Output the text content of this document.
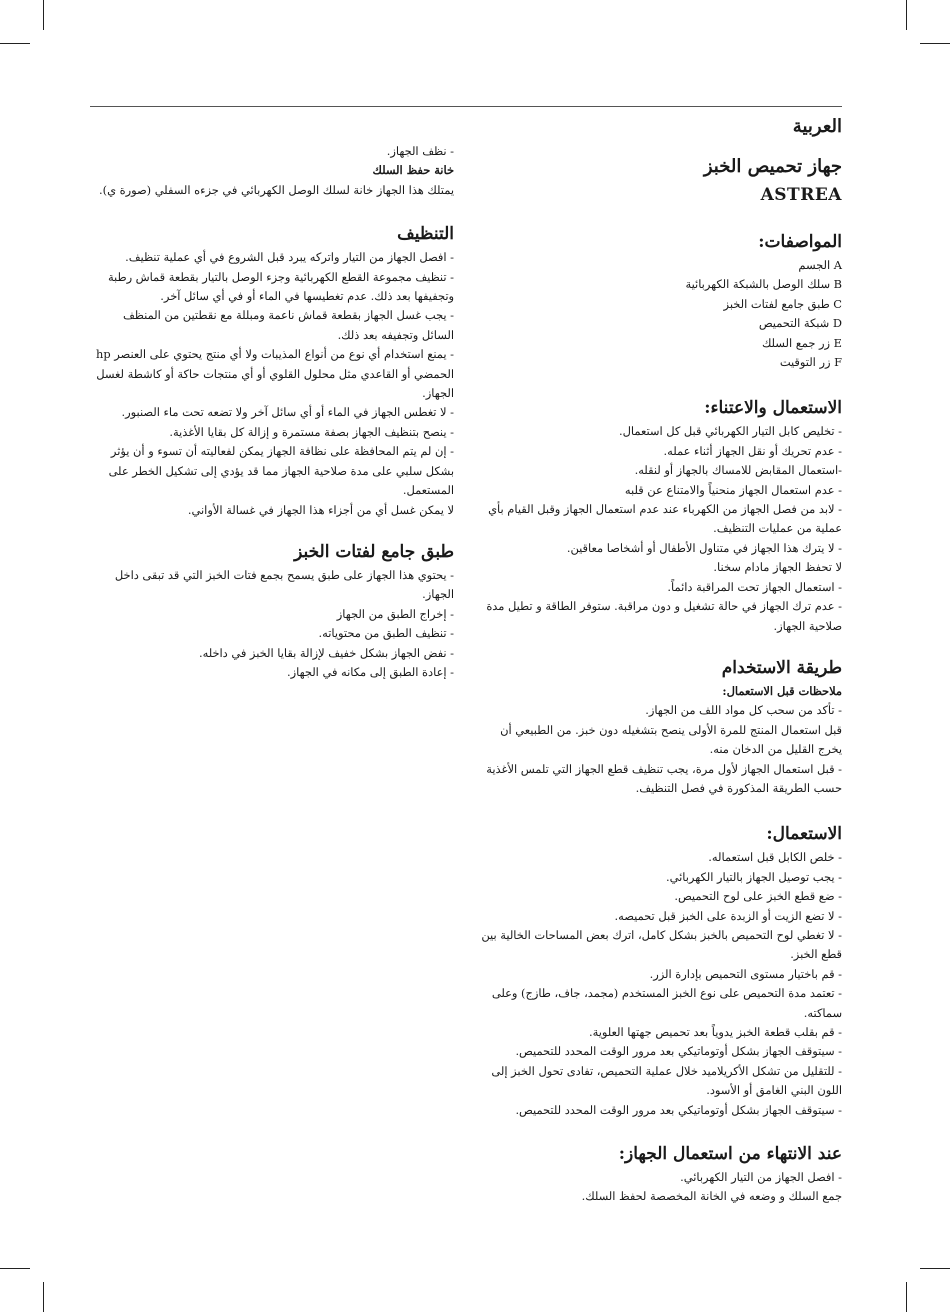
العربية
جهاز تحميص الخبز
ASTREA
المواصفات:
A الجسم
B سلك الوصل بالشبكة الكهربائية
C طبق جامع لفتات الخبز
D شبكة التحميص
E زر جمع السلك
F زر التوقيت
الاستعمال والاعتناء:
- تخليص كابل التيار الكهربائي قبل كل استعمال.
- عدم تحريك أو نقل الجهاز أثناء عمله.
-استعمال المقابض للامساك بالجهاز أو لنقله.
- عدم استعمال الجهاز منحنياً والامتناع عن قلبه
- لابد من فصل الجهاز من الكهرباء عند عدم استعمال الجهاز وقبل القيام بأي عملية من عمليات التنظيف.
- لا يترك هذا الجهاز في متناول الأطفال أو أشخاصا معاقين.
لا تحفظ الجهاز مادام سخنا.
- استعمال الجهاز تحت المراقبة دائماً.
- عدم ترك الجهاز في حالة تشغيل و دون مراقبة. ستوفر الطاقة و تطيل مدة صلاحية الجهاز.
طريقة الاستخدام

ملاحظات قبل الاستعمال:

- تأكد من سحب كل مواد اللف من الجهاز.
قبل استعمال المنتج للمرة الأولى ينصح بتشغيله دون خبز. من الطبيعي أن يخرج القليل من الدخان منه.
- قبل استعمال الجهاز لأول مرة، يجب تنظيف قطع الجهاز التي تلمس الأغذية حسب الطريقة المذكورة في فصل التنظيف.
الاستعمال:
- خلص الكابل قبل استعماله.
- يجب توصيل الجهاز بالتيار الكهربائي.
- ضع قطع الخبز على لوح التحميص.
- لا تضع الزيت أو الزبدة على الخبز قبل تحميصه.
- لا تغطي لوح التحميص بالخبز بشكل كامل، اترك بعض المساحات الخالية بين قطع الخبز.
- قم باختيار مستوى التحميص بإدارة الزر.
- تعتمد مدة التحميص على نوع الخبز المستخدم (مجمد، جاف، طازج) وعلى سماكته.
- قم بقلب قطعة الخبز يدوياً بعد تحميص جهتها العلوية.
- سيتوقف الجهاز بشكل أوتوماتيكي بعد مرور الوقت المحدد للتحميص.
- للتقليل من تشكل الأكريلاميد خلال عملية التحميص، تفادى تحول الخبز إلى اللون البني الغامق أو الأسود.
- سيتوقف الجهاز بشكل أوتوماتيكي بعد مرور الوقت المحدد للتحميص.
عند الانتهاء من استعمال الجهاز:
- افصل الجهاز من التيار الكهربائي.
جمع السلك و وضعه في الخانة المخصصة لحفظ السلك.

- نظف الجهاز.

خانة حفظ السلك

يمتلك هذا الجهاز خانة لسلك الوصل الكهربائي في جزءه السفلي (صورة ي).

التنظيف
- افصل الجهاز من التيار واتركه يبرد قبل الشروع في أي عملية تنظيف.
- تنظيف مجموعة القطع الكهربائية وجزء الوصل بالتيار بقطعة قماش رطبة وتجفيفها بعد ذلك. عدم تغطيسها في الماء أو في أي سائل آخر.
- يجب غسل الجهاز بقطعة قماش ناعمة ومبللة مع نقطتين من المنظف السائل وتجفيفه بعد ذلك.
- يمنع استخدام أي نوع من أنواع المذيبات ولا أي منتج يحتوي على العنصر hp الحمضي أو القاعدي مثل محلول القلوي أو أي منتجات حاكة أو كاشطة لغسل الجهاز.
- لا تغطس الجهاز في الماء أو أي سائل آخر ولا تضعه تحت ماء الصنبور.
- ينصح بتنظيف الجهاز بصفة مستمرة و إزالة كل بقايا الأغذية.
- إن لم يتم المحافظة على نظافة الجهاز يمكن لفعاليته أن تسوء و أن يؤثر بشكل سلبي على مدة صلاحية الجهاز مما قد يؤدي إلى تشكيل الخطر على المستعمل.
لا يمكن غسل أي من أجزاء هذا الجهاز في غسالة الأواني.
طبق جامع لفتات الخبز
- يحتوي هذا الجهاز على طبق يسمح بجمع فتات الخبز التي قد تبقى داخل الجهاز.
- إخراج الطبق من الجهاز
- تنظيف الطبق من محتوياته.
- نفض الجهاز بشكل خفيف لإزالة بقايا الخبز في داخله.
- إعادة الطبق إلى مكانه في الجهاز.
